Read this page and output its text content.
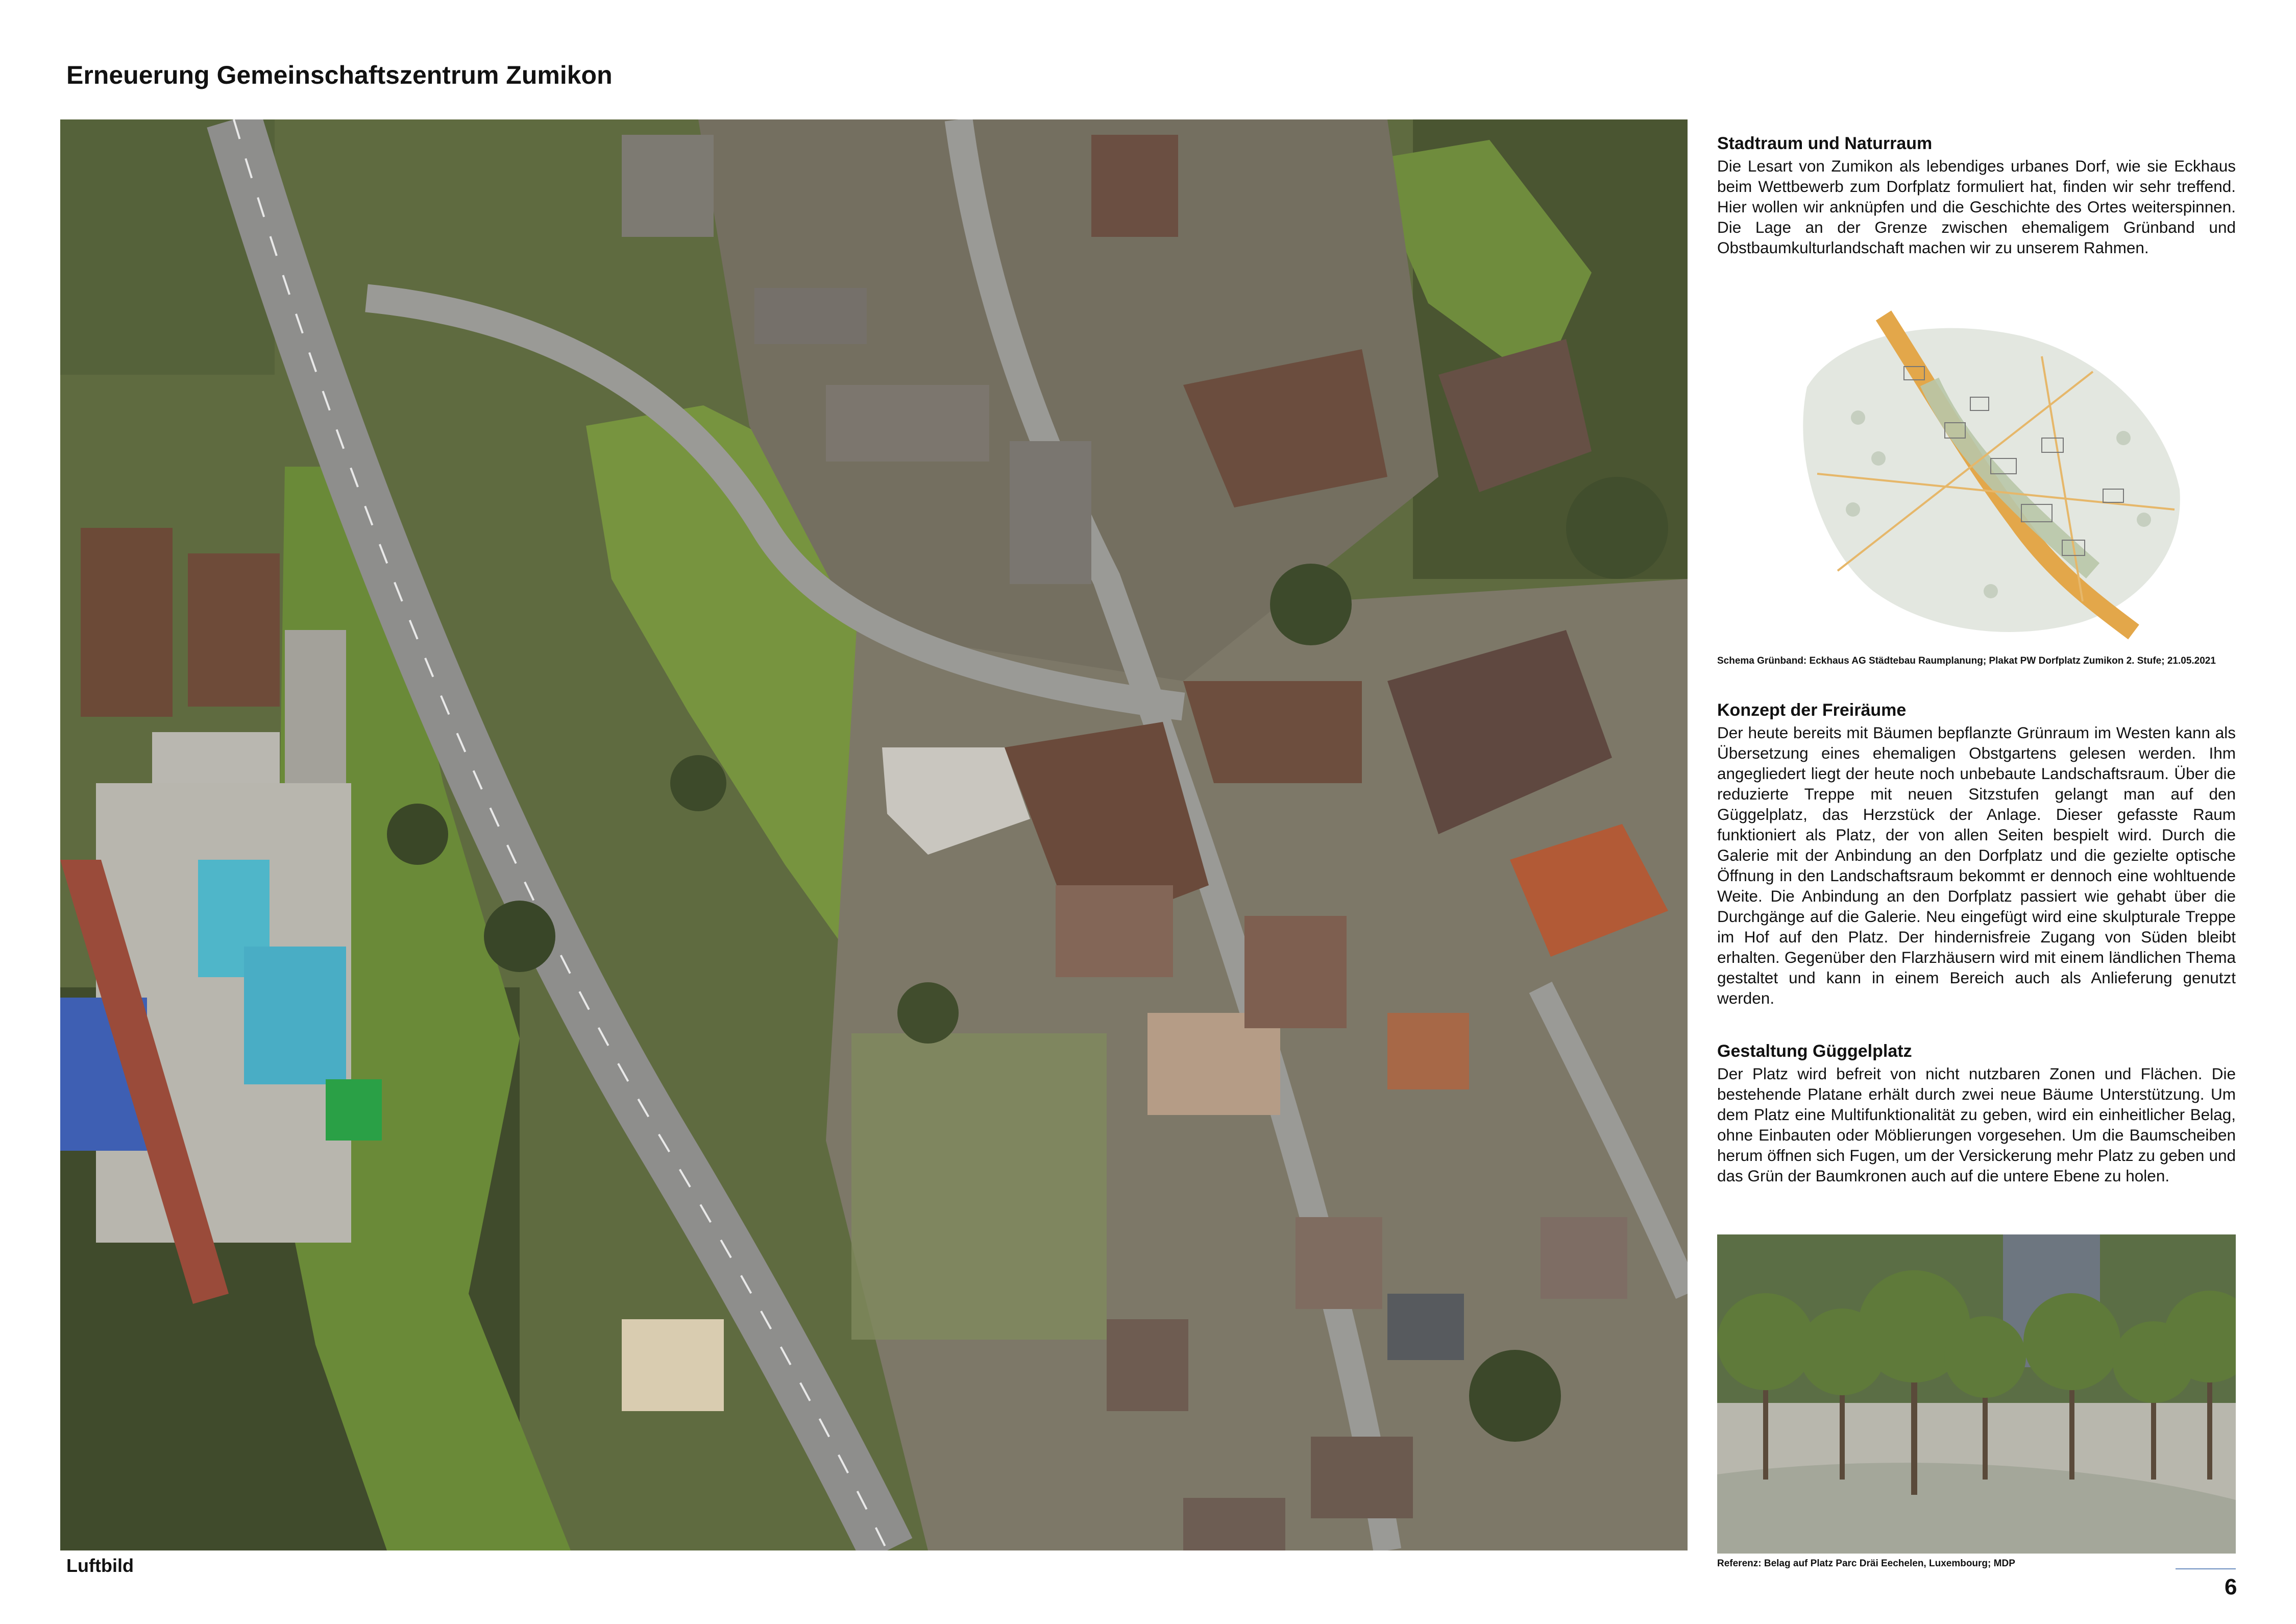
Erneuerung Gemeinschaftszentrum Zumikon
Luftbild

Stadtraum und Naturraum

Die Lesart von Zumikon als lebendiges urbanes Dorf, wie sie Eckhaus beim Wettbewerb zum Dorfplatz formuliert hat, finden wir sehr treffend. Hier wollen wir anknüpfen und die Geschichte des Ortes weiterspinnen. Die Lage an der Grenze zwischen ehemaligem Grünband und Obstbaumkulturlandschaft machen wir zu unserem Rahmen.

Schema Grünband: Eckhaus AG Städtebau Raumplanung; Plakat PW Dorfplatz Zumikon 2. Stufe; 21.05.2021

Konzept der Freiräume

Der heute bereits mit Bäumen bepflanzte Grünraum im Westen kann als Übersetzung eines ehemaligen Obstgartens gelesen werden. Ihm angegliedert liegt der heute noch unbebaute Landschaftsraum. Über die reduzierte Treppe mit neuen Sitzstufen gelangt man auf den Güggelplatz, das Herzstück der Anlage. Dieser gefasste Raum funktioniert als Platz, der von allen Seiten bespielt wird. Durch die Galerie mit der Anbindung an den Dorfplatz und die gezielte optische Öffnung in den Landschaftsraum bekommt er dennoch eine wohltuende Weite. Die Anbindung an den Dorfplatz passiert wie gehabt über die Durchgänge auf die Galerie. Neu eingefügt wird eine skulpturale Treppe im Hof auf den Platz. Der hindernisfreie Zugang von Süden bleibt erhalten. Gegenüber den Flarzhäusern wird mit einem ländlichen Thema gestaltet und kann in einem Bereich auch als Anlieferung genutzt werden.

Gestaltung Güggelplatz

Der Platz wird befreit von nicht nutzbaren Zonen und Flächen. Die bestehende Platane erhält durch zwei neue Bäume Unterstützung. Um dem Platz eine Multifunktionalität zu geben, wird ein einheitlicher Belag, ohne Einbauten oder Möblierungen vorgesehen. Um die Baumscheiben herum öffnen sich Fugen, um der Versickerung mehr Platz zu geben und das Grün der Baumkronen auch auf die untere Ebene zu holen.

Referenz: Belag auf Platz Parc Dräi Eechelen, Luxembourg; MDP

6
